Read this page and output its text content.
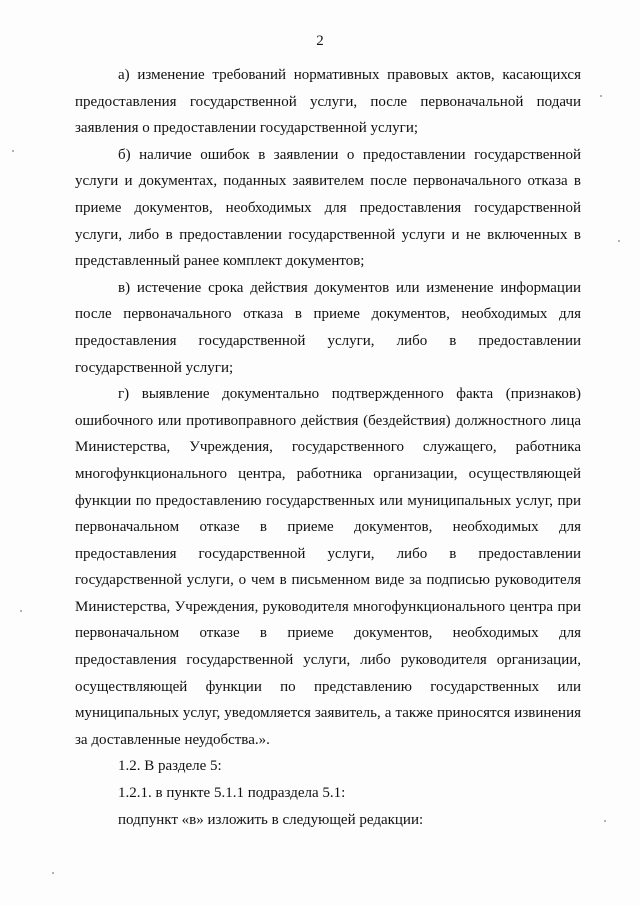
2

а) изменение требований нормативных правовых актов, касающихся предоставления государственной услуги, после первоначальной подачи заявления о предоставлении государственной услуги;

б) наличие ошибок в заявлении о предоставлении государственной услуги и документах, поданных заявителем после первоначального отказа в приеме документов, необходимых для предоставления государственной услуги, либо в предоставлении государственной услуги и не включенных в представленный ранее комплект документов;

в) истечение срока действия документов или изменение информации после первоначального отказа в приеме документов, необходимых для предоставления государственной услуги, либо в предоставлении государственной услуги;

г) выявление документально подтвержденного факта (признаков) ошибочного или противоправного действия (бездействия) должностного лица Министерства, Учреждения, государственного служащего, работника многофункционального центра, работника организации, осуществляющей функции по предоставлению государственных или муниципальных услуг, при первоначальном отказе в приеме документов, необходимых для предоставления государственной услуги, либо в предоставлении государственной услуги, о чем в письменном виде за подписью руководителя Министерства, Учреждения, руководителя многофункционального центра при первоначальном отказе в приеме документов, необходимых для предоставления государственной услуги, либо руководителя организации, осуществляющей функции по представлению государственных или муниципальных услуг, уведомляется заявитель, а также приносятся извинения за доставленные неудобства.».

1.2. В разделе 5:

1.2.1. в пункте 5.1.1 подраздела 5.1:

подпункт «в» изложить в следующей редакции:
